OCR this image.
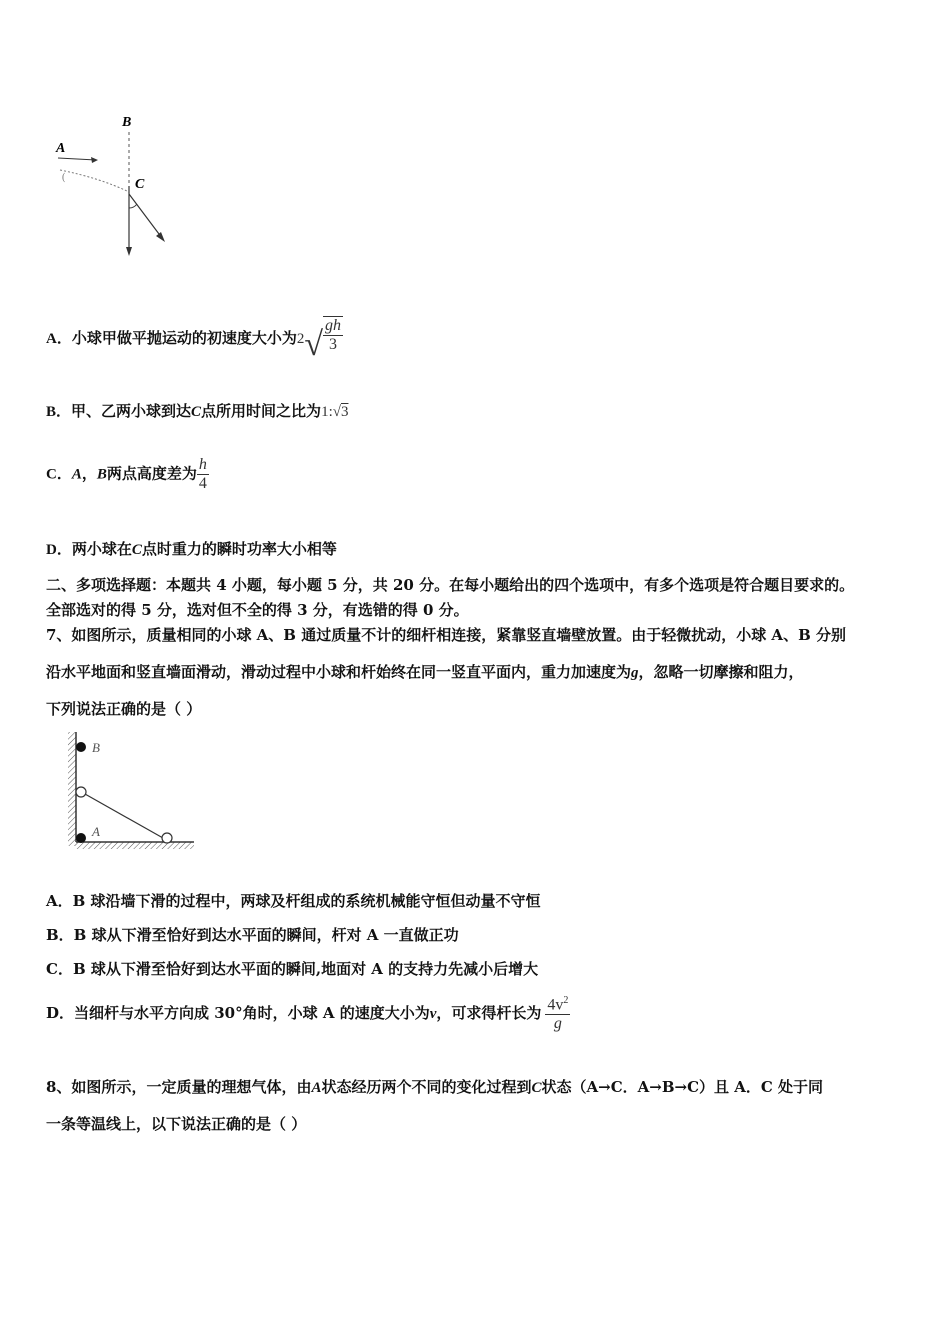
B
A
(	C
A．小球甲做平抛运动的初速度大小为2 √ $\frac{gh}{3}$
B．甲、乙两小球到达C点所用时间之比为1:√3
C．A，B两点高度差为 $\frac{h}{4}$
D．两小球在C点时重力的瞬时功率大小相等
二、多项选择题：本题共 4 小题，每小题 5 分，共 20 分。在每小题给出的四个选项中，有多个选项是符合题目要求的。
全部选对的得 5 分，选对但不全的得 3 分，有选错的得 0 分。
7、如图所示，质量相同的小球 A、B 通过质量不计的细杆相连接，紧靠竖直墙壁放置。由于轻微扰动，小球 A、B 分别
沿水平地面和竖直墙面滑动，滑动过程中小球和杆始终在同一竖直平面内，重力加速度为g，忽略一切摩擦和阻力，
下列说法正确的是（ ）
B
A
A．B 球沿墙下滑的过程中，两球及杆组成的系统机械能守恒但动量不守恒
B．B 球从下滑至恰好到达水平面的瞬间，杆对 A 一直做正功
C．B 球从下滑至恰好到达水平面的瞬间,地面对 A 的支持力先减小后增大
D．当细杆与水平方向成 30°角时，小球 A 的速度大小为v，可求得杆长为 $\frac{4v^2}{g}$
8、如图所示，一定质量的理想气体，由A状态经历两个不同的变化过程到C状态（A→C．A→B→C）且 A．C 处于同
一条等温线上，以下说法正确的是（ ）
